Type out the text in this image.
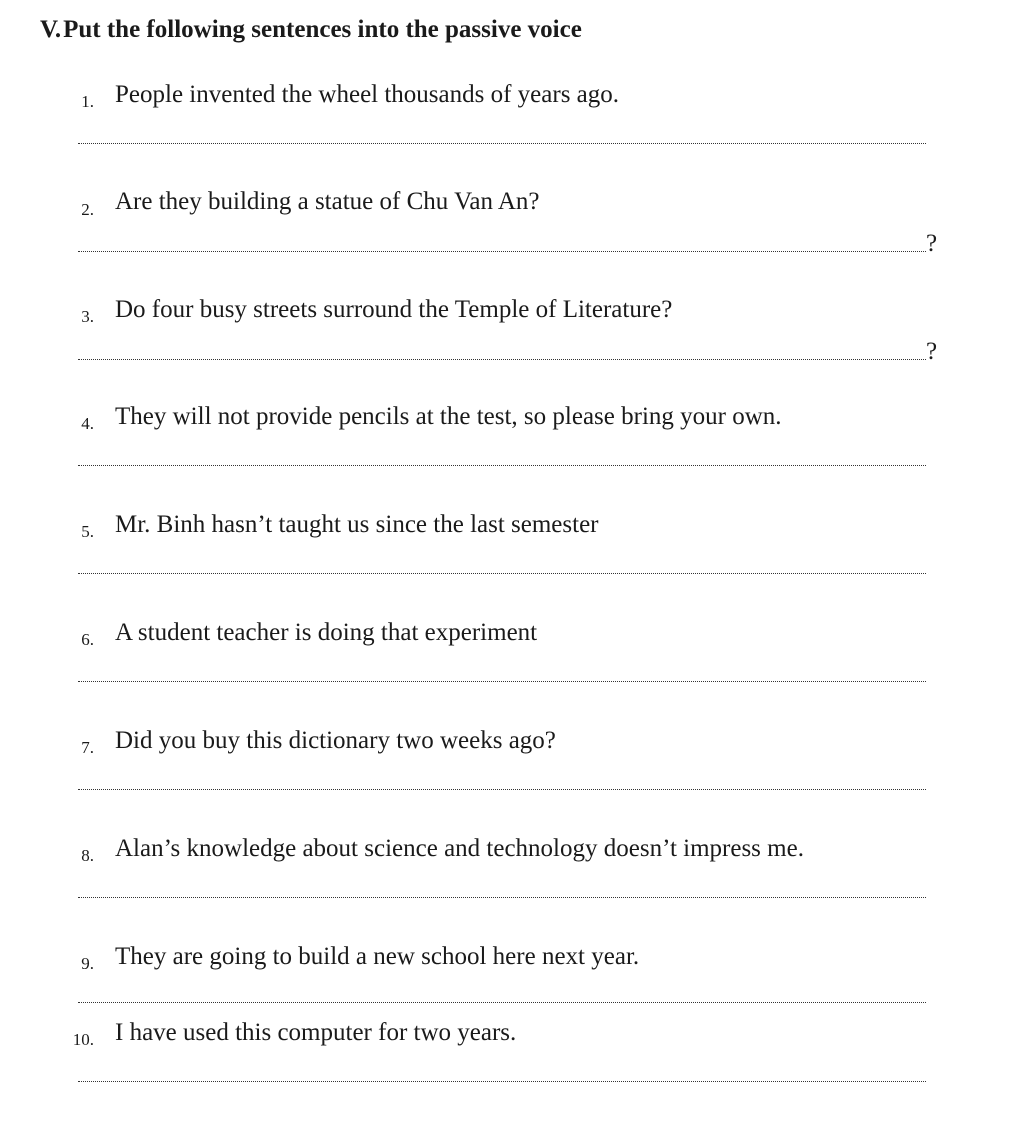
V.Put the following sentences into the passive voice
1. People invented the wheel thousands of years ago.
2. Are they building a statue of Chu Van An?
?
3. Do four busy streets surround the Temple of Literature?
?
4. They will not provide pencils at the test, so please bring your own.
5. Mr. Binh hasn’t taught us since the last semester
6. A student teacher is doing that experiment
7. Did you buy this dictionary two weeks ago?
8. Alan’s knowledge about science and technology doesn’t impress me.
9. They are going to build a new school here next year.
10. I have used this computer for two years.
